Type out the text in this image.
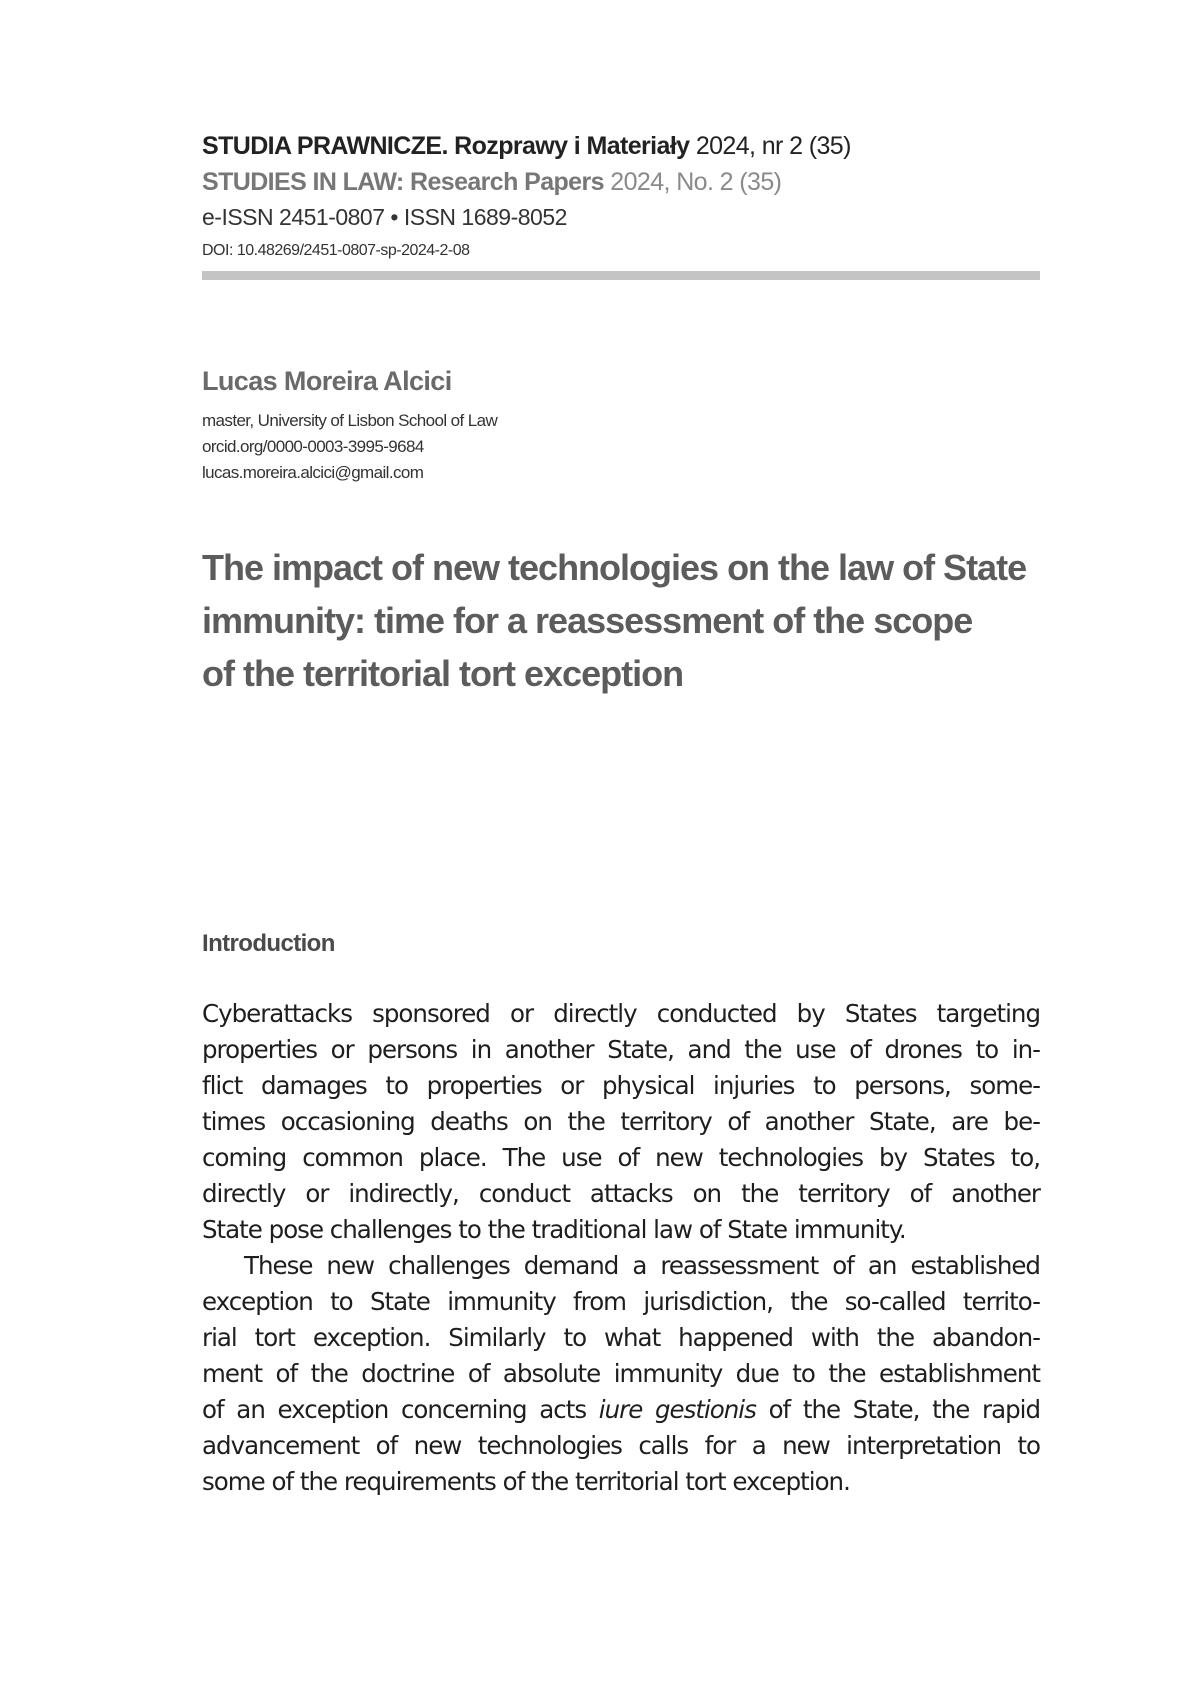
STUDIA PRAWNICZE. Rozprawy i Materiały 2024, nr 2 (35)
STUDIES IN LAW: Research Papers 2024, No. 2 (35)
e-ISSN 2451-0807 • ISSN 1689-8052
DOI: 10.48269/2451-0807-sp-2024-2-08
Lucas Moreira Alcici
master, University of Lisbon School of Law
orcid.org/0000-0003-3995-9684
lucas.moreira.alcici@gmail.com
The impact of new technologies on the law of State
immunity: time for a reassessment of the scope
of the territorial tort exception
Introduction
Cyberattacks sponsored or directly conducted by States targeting
properties or persons in another State, and the use of drones to in-
flict damages to properties or physical injuries to persons, some-
times occasioning deaths on the territory of another State, are be-
coming common place. The use of new technologies by States to,
directly or indirectly, conduct attacks on the territory of another
State pose challenges to the traditional law of State immunity.
These new challenges demand a reassessment of an established
exception to State immunity from jurisdiction, the so-called territo-
rial tort exception. Similarly to what happened with the abandon-
ment of the doctrine of absolute immunity due to the establishment
of an exception concerning acts iure gestionis of the State, the rapid
advancement of new technologies calls for a new interpretation to
some of the requirements of the territorial tort exception.
